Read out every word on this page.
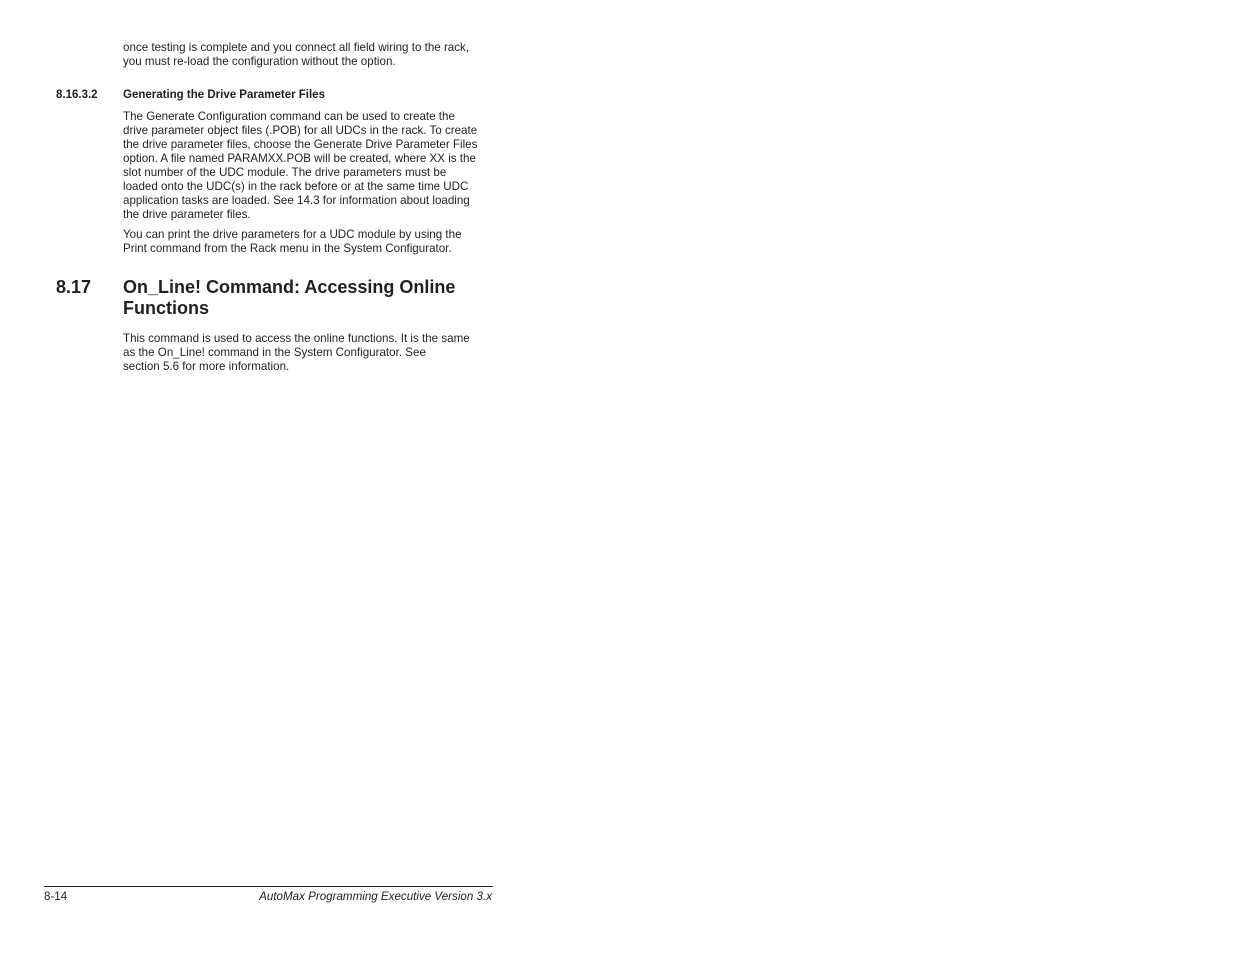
once testing is complete and you connect all field wiring to the rack,
you must re-load the configuration without the option.

8.16.3.2 Generating the Drive Parameter Files

The Generate Configuration command can be used to create the
drive parameter object files (.POB) for all UDCs in the rack. To create
the drive parameter files, choose the Generate Drive Parameter Files
option. A file named PARAMXX.POB will be created, where XX is the
slot number of the UDC module. The drive parameters must be
loaded onto the UDC(s) in the rack before or at the same time UDC
application tasks are loaded. See 14.3 for information about loading
the drive parameter files.

You can print the drive parameters for a UDC module by using the
Print command from the Rack menu in the System Configurator.

8.17 On_Line! Command: Accessing Online
Functions

This command is used to access the online functions. It is the same
as the On_Line! command in the System Configurator. See
section 5.6 for more information.

8-14	AutoMax Programming Executive Version 3.x
